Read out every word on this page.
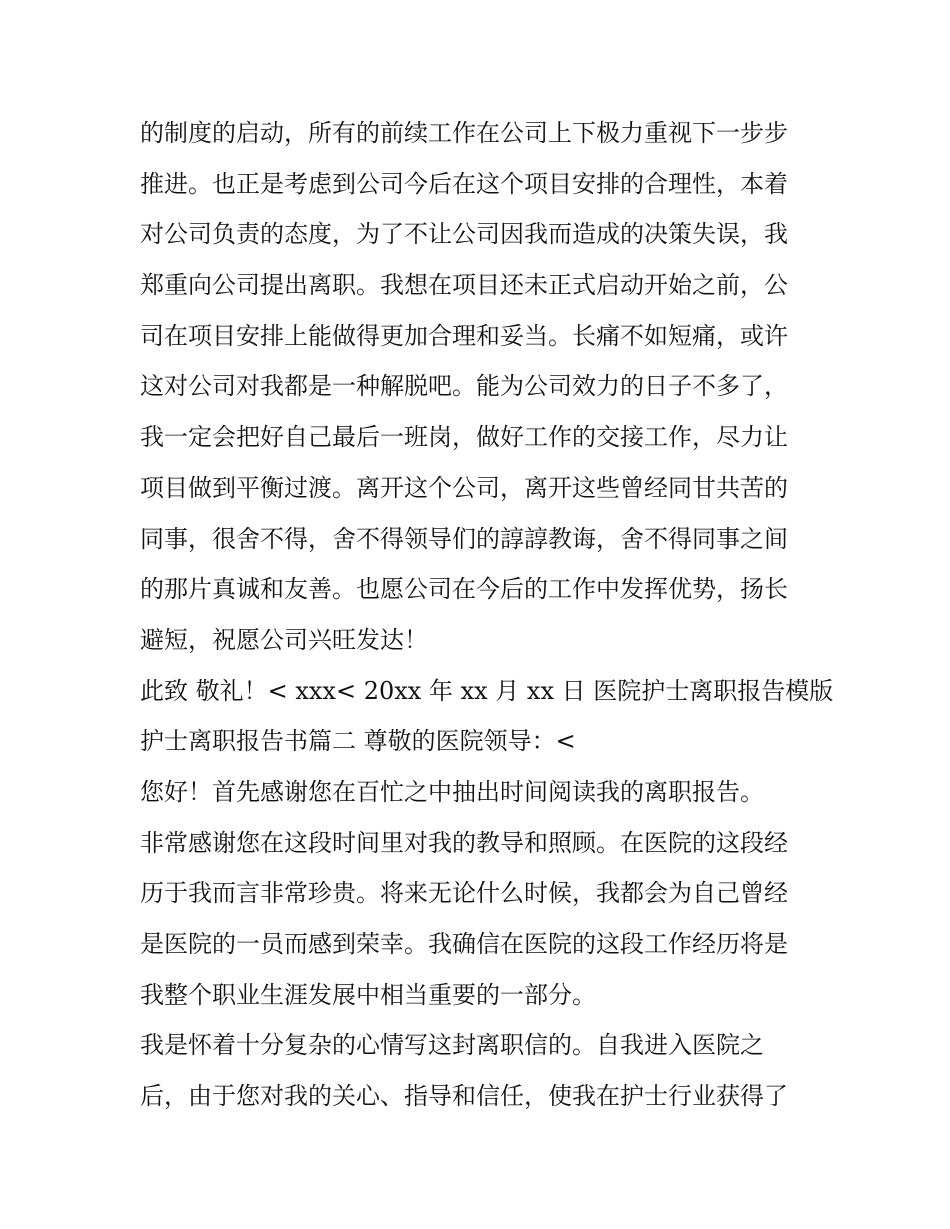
的制度的启动，所有的前续工作在公司上下极力重视下一步步
推进。也正是考虑到公司今后在这个项目安排的合理性，本着
对公司负责的态度，为了不让公司因我而造成的决策失误，我
郑重向公司提出离职。我想在项目还未正式启动开始之前，公
司在项目安排上能做得更加合理和妥当。长痛不如短痛，或许
这对公司对我都是一种解脱吧。能为公司效力的日子不多了，
我一定会把好自己最后一班岗，做好工作的交接工作，尽力让
项目做到平衡过渡。离开这个公司，离开这些曾经同甘共苦的
同事，很舍不得，舍不得领导们的諄諄教诲，舍不得同事之间
的那片真诚和友善。也愿公司在今后的工作中发挥优势，扬长
避短，祝愿公司兴旺发达！

此致 敬礼！< xxx< 20xx 年 xx 月 xx 日 医院护士离职报告模版
护士离职报告书篇二 尊敬的医院领导：<

您好！首先感谢您在百忙之中抽出时间阅读我的离职报告。

非常感谢您在这段时间里对我的教导和照顾。在医院的这段经
历于我而言非常珍贵。将来无论什么时候，我都会为自己曾经
是医院的一员而感到荣幸。我确信在医院的这段工作经历将是
我整个职业生涯发展中相当重要的一部分。

我是怀着十分复杂的心情写这封离职信的。自我进入医院之
后，由于您对我的关心、指导和信任，使我在护士行业获得了
